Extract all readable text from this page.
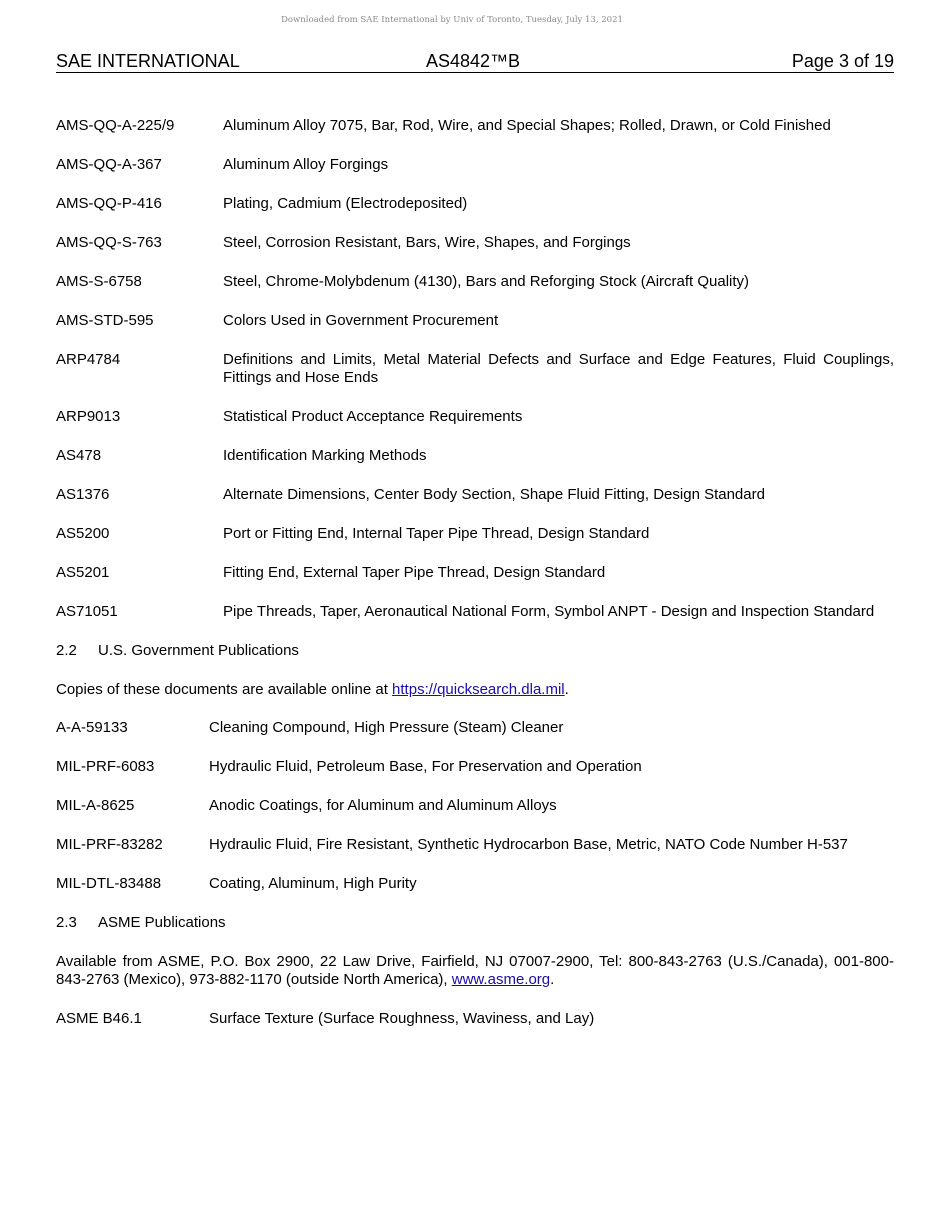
Downloaded from SAE International by Univ of Toronto, Tuesday, July 13, 2021
SAE INTERNATIONAL	AS4842™B	Page 3 of 19
AMS-QQ-A-225/9	Aluminum Alloy 7075, Bar, Rod, Wire, and Special Shapes; Rolled, Drawn, or Cold Finished
AMS-QQ-A-367	Aluminum Alloy Forgings
AMS-QQ-P-416	Plating, Cadmium (Electrodeposited)
AMS-QQ-S-763	Steel, Corrosion Resistant, Bars, Wire, Shapes, and Forgings
AMS-S-6758	Steel, Chrome-Molybdenum (4130), Bars and Reforging Stock (Aircraft Quality)
AMS-STD-595	Colors Used in Government Procurement
ARP4784	Definitions and Limits, Metal Material Defects and Surface and Edge Features, Fluid Couplings, Fittings and Hose Ends
ARP9013	Statistical Product Acceptance Requirements
AS478	Identification Marking Methods
AS1376	Alternate Dimensions, Center Body Section, Shape Fluid Fitting, Design Standard
AS5200	Port or Fitting End, Internal Taper Pipe Thread, Design Standard
AS5201	Fitting End, External Taper Pipe Thread, Design Standard
AS71051	Pipe Threads, Taper, Aeronautical National Form, Symbol ANPT - Design and Inspection Standard
2.2	U.S. Government Publications
Copies of these documents are available online at https://quicksearch.dla.mil.
A-A-59133	Cleaning Compound, High Pressure (Steam) Cleaner
MIL-PRF-6083	Hydraulic Fluid, Petroleum Base, For Preservation and Operation
MIL-A-8625	Anodic Coatings, for Aluminum and Aluminum Alloys
MIL-PRF-83282	Hydraulic Fluid, Fire Resistant, Synthetic Hydrocarbon Base, Metric, NATO Code Number H-537
MIL-DTL-83488	Coating, Aluminum, High Purity
2.3	ASME Publications
Available from ASME, P.O. Box 2900, 22 Law Drive, Fairfield, NJ 07007-2900, Tel: 800-843-2763 (U.S./Canada), 001-800-843-2763 (Mexico), 973-882-1170 (outside North America), www.asme.org.
ASME B46.1	Surface Texture (Surface Roughness, Waviness, and Lay)
